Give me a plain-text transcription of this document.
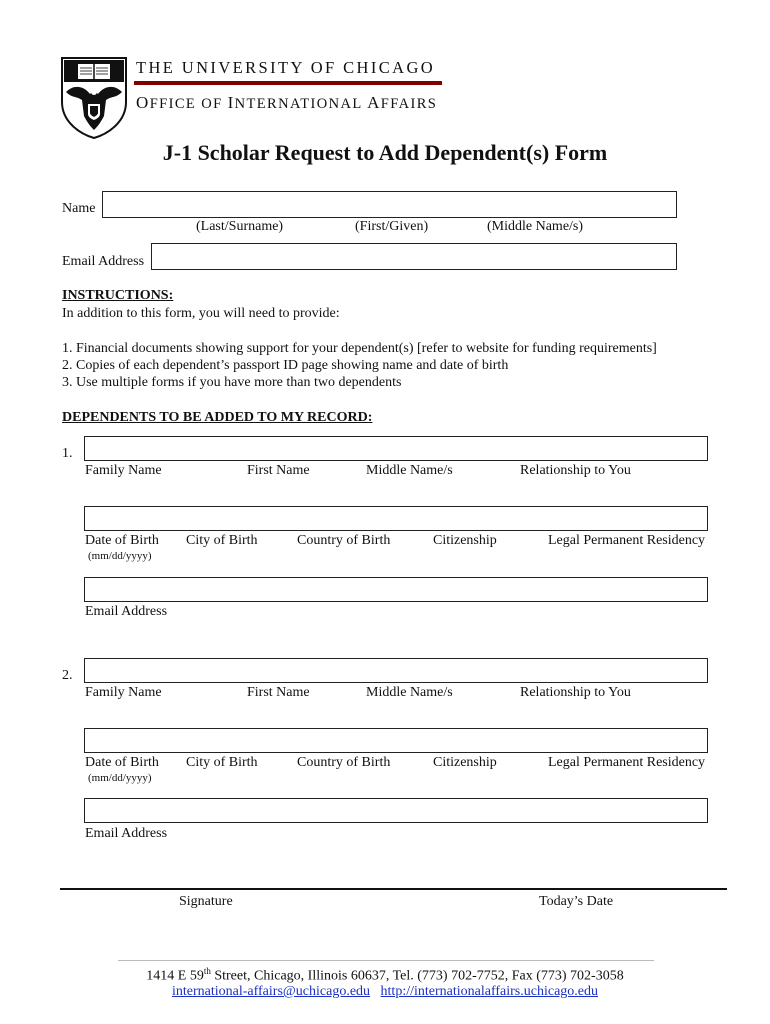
THE UNIVERSITY OF CHICAGO
OFFICE OF INTERNATIONAL AFFAIRS
J-1 Scholar Request to Add Dependent(s) Form
Name
(Last/Surname)	(First/Given)	(Middle Name/s)
Email Address
INSTRUCTIONS:
In addition to this form, you will need to provide:
1. Financial documents showing support for your dependent(s) [refer to website for funding requirements]
2. Copies of each dependent’s passport ID page showing name and date of birth
3. Use multiple forms if you have more than two dependents
DEPENDENTS TO BE ADDED TO MY RECORD:
1.
Family Name	First Name	Middle Name/s	Relationship to You
Date of Birth City of Birth	Country of Birth	Citizenship	Legal Permanent Residency
(mm/dd/yyyy)
Email Address
2.
Family Name	First Name	Middle Name/s	Relationship to You
Date of Birth City of Birth	Country of Birth	Citizenship	Legal Permanent Residency
(mm/dd/yyyy)
Email Address
Signature	Today’s Date
1414 E 59th Street, Chicago, Illinois 60637, Tel. (773) 702-7752, Fax (773) 702-3058
international-affairs@uchicago.edu http://internationalaffairs.uchicago.edu
